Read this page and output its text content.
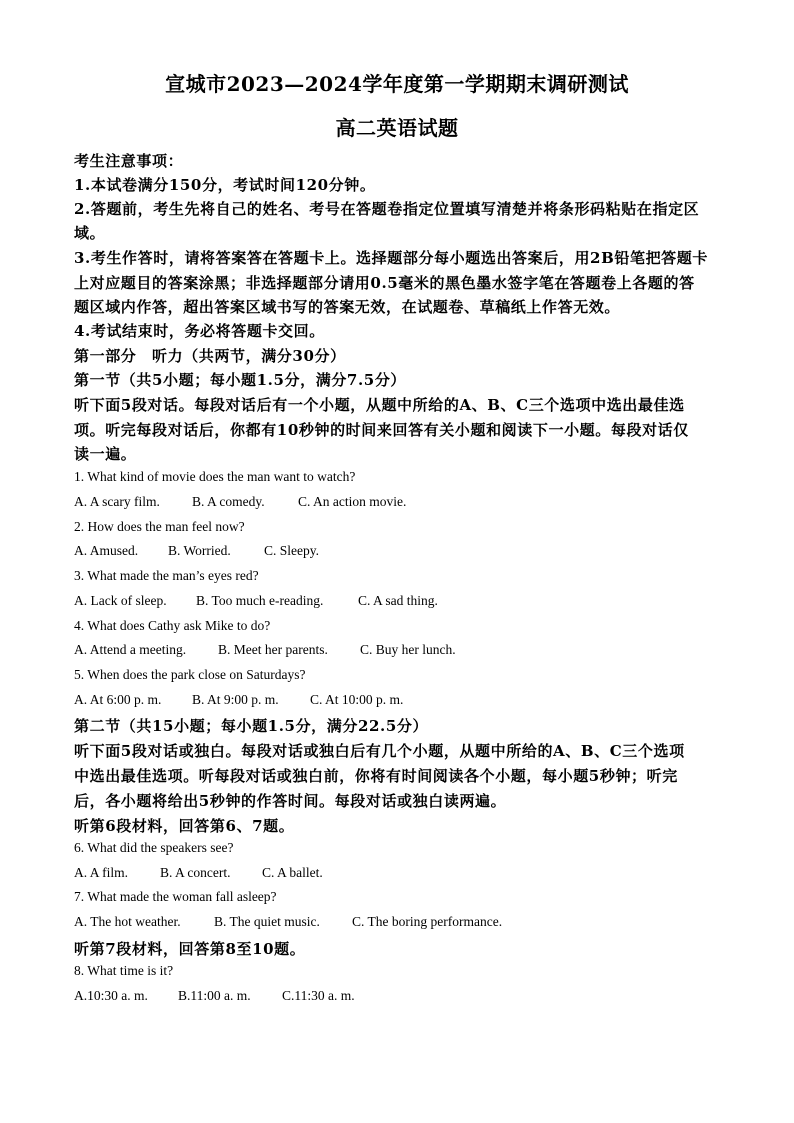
宣城市2023—2024学年度第一学期期末调研测试
高二英语试题
考生注意事项：
1.本试卷满分150分，考试时间120分钟。
2.答题前，考生先将自己的姓名、考号在答题卷指定位置填写清楚并将条形码粘贴在指定区
域。
3.考生作答时，请将答案答在答题卡上。选择题部分每小题选出答案后，用2B铅笔把答题卡
上对应题目的答案涂黑；非选择题部分请用0.5毫米的黑色墨水签字笔在答题卷上各题的答
题区域内作答，超出答案区域书写的答案无效，在试题卷、草稿纸上作答无效。
4.考试结束时，务必将答题卡交回。
第一部分　听力（共两节，满分30分）
第一节（共5小题；每小题1.5分，满分7.5分）
听下面5段对话。每段对话后有一个小题，从题中所给的A、B、C三个选项中选出最佳选
项。听完每段对话后，你都有10秒钟的时间来回答有关小题和阅读下一小题。每段对话仅
读一遍。
1. What kind of movie does the man want to watch?
A. A scary film. B. A comedy. C. An action movie.
2. How does the man feel now?
A. Amused. B. Worried. C. Sleepy.
3. What made the man’s eyes red?
A. Lack of sleep. B. Too much e-reading.	C. A sad thing.
4. What does Cathy ask Mike to do?
A. Attend a meeting. B. Meet her parents. C. Buy her lunch.
5. When does the park close on Saturdays?
A. At 6:00 p. m. B. At 9:00 p. m. C. At 10:00 p. m.
第二节（共15小题；每小题1.5分，满分22.5分）
听下面5段对话或独白。每段对话或独白后有几个小题，从题中所给的A、B、C三个选项
中选出最佳选项。听每段对话或独白前，你将有时间阅读各个小题，每小题5秒钟；听完
后，各小题将给出5秒钟的作答时间。每段对话或独白读两遍。
听第6段材料，回答第6、7题。
6. What did the speakers see?
A. A film. B. A concert. C. A ballet.
7. What made the woman fall asleep?
A. The hot weather. B. The quiet music. C. The boring performance.
听第7段材料，回答第8至10题。
8. What time is it?
A.10:30 a. m. B.11:00 a. m. C.11:30 a. m.
